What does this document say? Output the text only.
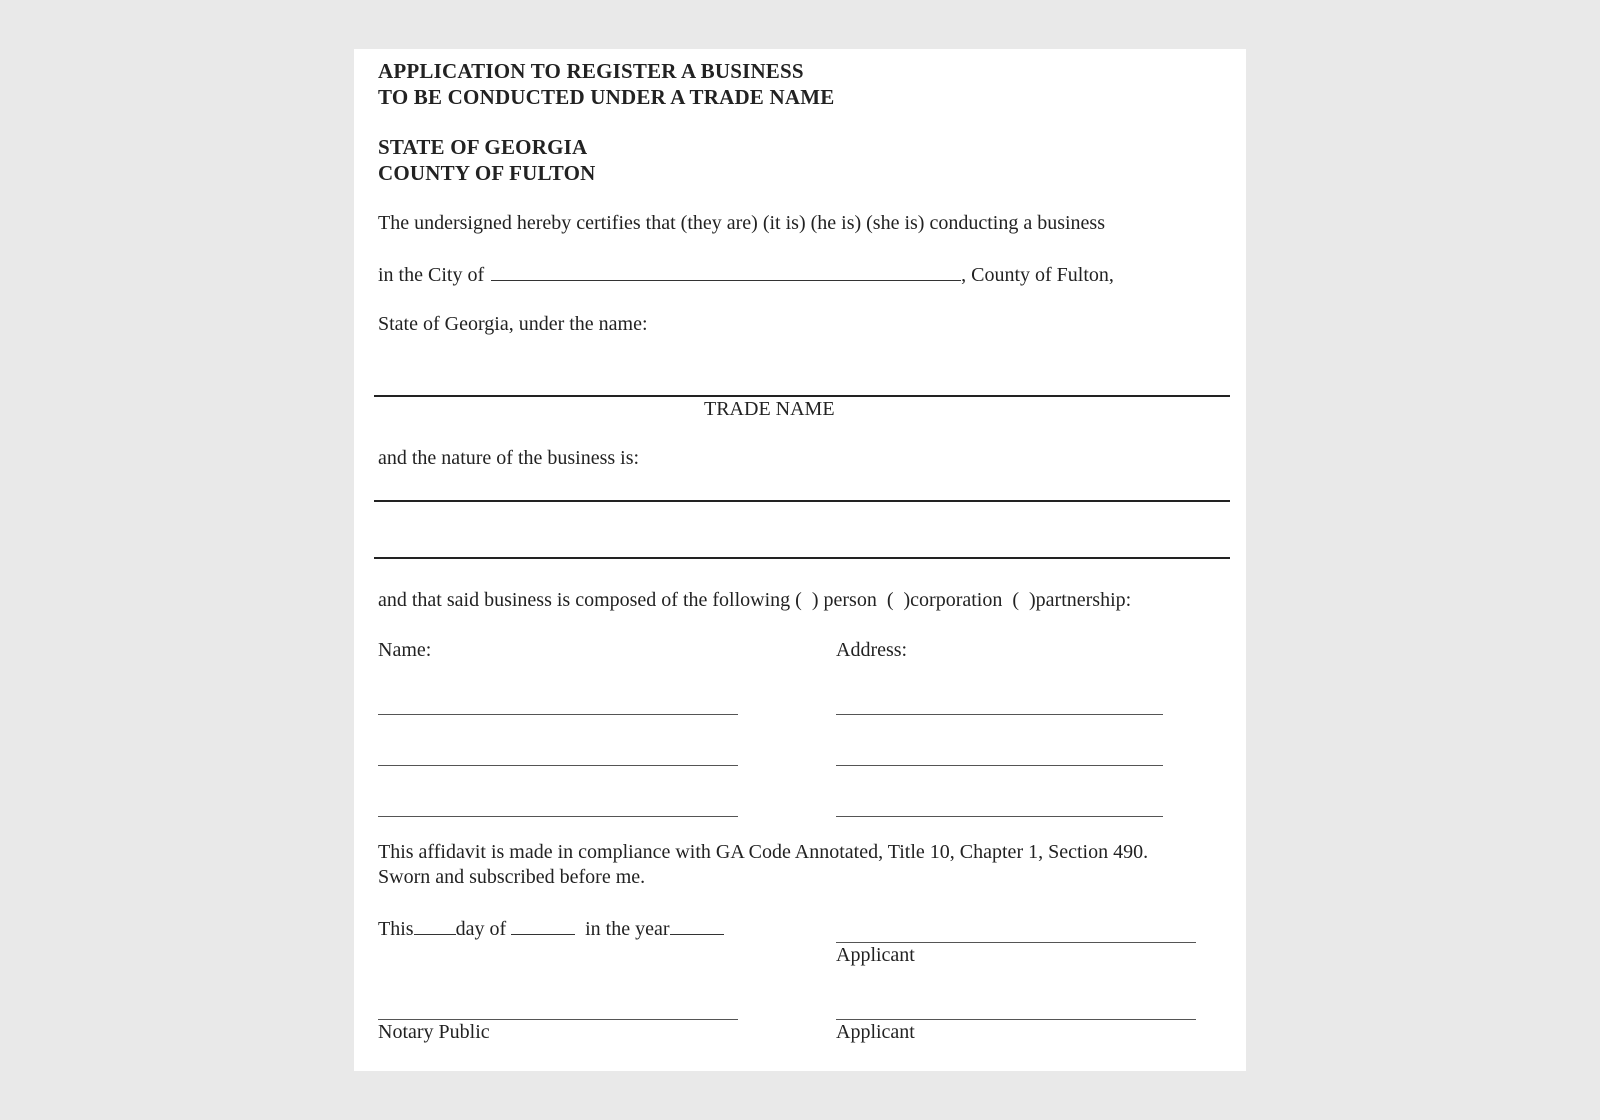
APPLICATION TO REGISTER A BUSINESS
TO BE CONDUCTED UNDER A TRADE NAME
STATE OF GEORGIA
COUNTY OF FULTON
The undersigned hereby certifies that (they are) (it is) (he is) (she is) conducting a business
in the City of	, County of Fulton,
State of Georgia, under the name:
TRADE NAME
and the nature of the business is:
and that said business is composed of the following (  ) person  (  )corporation  (  )partnership:
Name:	Address:
This affidavit is made in compliance with GA Code Annotated, Title 10, Chapter 1, Section 490.
Sworn and subscribed before me.
This day of	in the year
Applicant
Notary Public	Applicant
